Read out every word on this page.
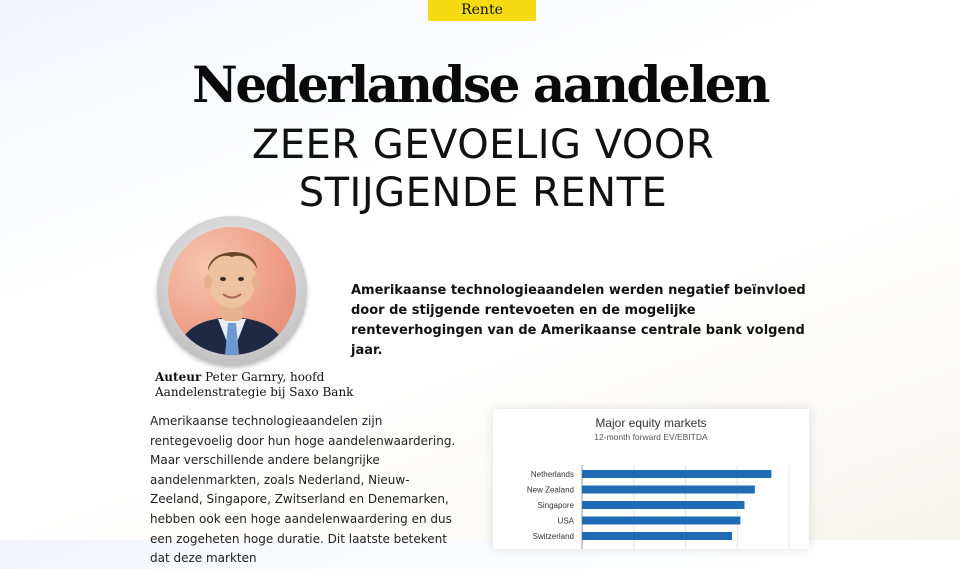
Rente
Nederlandse aandelen
ZEER GEVOELIG VOOR
STIJGENDE RENTE
Auteur Peter Garnry, hoofd
Aandelenstrategie bij Saxo Bank

Amerikaanse technologieaandelen werden negatief beïnvloed door de stijgende rentevoeten en de mogelijke renteverhogingen van de Amerikaanse centrale bank volgend jaar.

Amerikaanse technologieaandelen zijn rentegevoelig door hun hoge aandelenwaardering. Maar verschillende andere belangrijke aandelenmarkten, zoals Nederland, Nieuw-Zeeland, Singapore, Zwitserland en Denemarken, hebben ook een hoge aandelenwaardering en dus een zogeheten hoge duratie. Dit laatste betekent dat deze markten

Major equity markets
12-month forward EV/EBITDA
Netherlands
New Zealand
Singapore
USA
Switzerland
